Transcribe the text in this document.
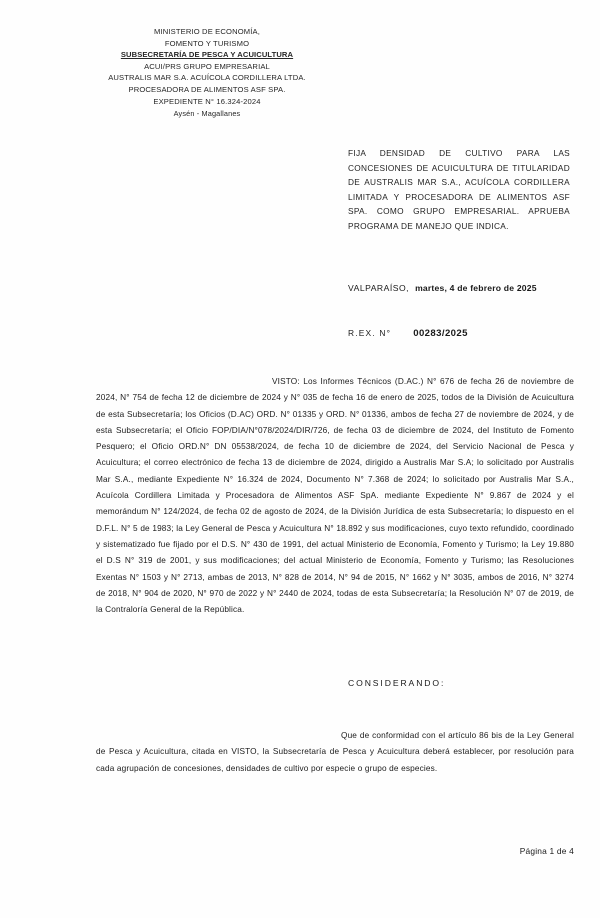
MINISTERIO DE ECONOMÍA,
FOMENTO Y TURISMO
SUBSECRETARÍA DE PESCA Y ACUICULTURA
ACUI/PRS GRUPO EMPRESARIAL
AUSTRALIS MAR S.A. ACUÍCOLA CORDILLERA LTDA.
PROCESADORA DE ALIMENTOS ASF SPA.
EXPEDIENTE N° 16.324-2024
Aysén - Magallanes
FIJA DENSIDAD DE CULTIVO PARA LAS CONCESIONES DE ACUICULTURA DE TITULARIDAD DE AUSTRALIS MAR S.A., ACUÍCOLA CORDILLERA LIMITADA Y PROCESADORA DE ALIMENTOS ASF SPA. COMO GRUPO EMPRESARIAL. APRUEBA PROGRAMA DE MANEJO QUE INDICA.
VALPARAÍSO, martes, 4 de febrero de 2025
R.EX. N° 00283/2025
VISTO: Los Informes Técnicos (D.AC.) N° 676 de fecha 26 de noviembre de 2024, N° 754 de fecha 12 de diciembre de 2024 y N° 035 de fecha 16 de enero de 2025, todos de la División de Acuicultura de esta Subsecretaría; los Oficios (D.AC) ORD. N° 01335 y ORD. N° 01336, ambos de fecha 27 de noviembre de 2024, y de esta Subsecretaría; el Oficio FOP/DIA/N°078/2024/DIR/726, de fecha 03 de diciembre de 2024, del Instituto de Fomento Pesquero; el Oficio ORD.N° DN 05538/2024, de fecha 10 de diciembre de 2024, del Servicio Nacional de Pesca y Acuicultura; el correo electrónico de fecha 13 de diciembre de 2024, dirigido a Australis Mar S.A; lo solicitado por Australis Mar S.A., mediante Expediente N° 16.324 de 2024, Documento N° 7.368 de 2024; lo solicitado por Australis Mar S.A., Acuícola Cordillera Limitada y Procesadora de Alimentos ASF SpA. mediante Expediente N° 9.867 de 2024 y el memorándum N° 124/2024, de fecha 02 de agosto de 2024, de la División Jurídica de esta Subsecretaría; lo dispuesto en el D.F.L. N° 5 de 1983; la Ley General de Pesca y Acuicultura N° 18.892 y sus modificaciones, cuyo texto refundido, coordinado y sistematizado fue fijado por el D.S. N° 430 de 1991, del actual Ministerio de Economía, Fomento y Turismo; la Ley 19.880 el D.S N° 319 de 2001, y sus modificaciones; del actual Ministerio de Economía, Fomento y Turismo; las Resoluciones Exentas N° 1503 y N° 2713, ambas de 2013, N° 828 de 2014, N° 94 de 2015, N° 1662 y N° 3035, ambos de 2016, N° 3274 de 2018, N° 904 de 2020, N° 970 de 2022 y N° 2440 de 2024, todas de esta Subsecretaría; la Resolución N° 07 de 2019, de la Contraloría General de la República.
CONSIDERANDO:
Que de conformidad con el artículo 86 bis de la Ley General de Pesca y Acuicultura, citada en VISTO, la Subsecretaría de Pesca y Acuicultura deberá establecer, por resolución para cada agrupación de concesiones, densidades de cultivo por especie o grupo de especies.
Página 1 de 4
